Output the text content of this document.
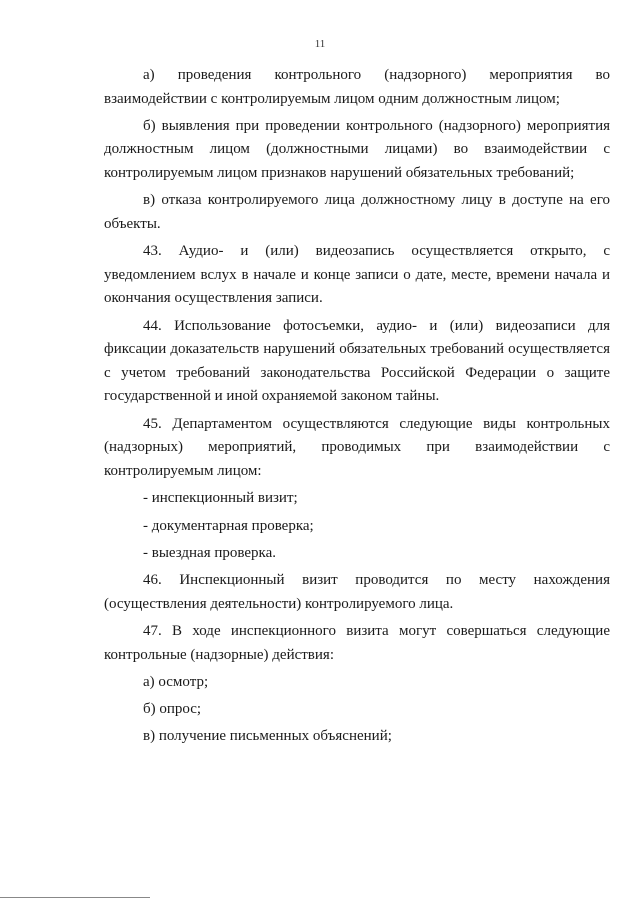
11

а) проведения контрольного (надзорного) мероприятия во взаимодействии с контролируемым лицом одним должностным лицом;

б) выявления при проведении контрольного (надзорного) мероприятия должностным лицом (должностными лицами) во взаимодействии с контролируемым лицом признаков нарушений обязательных требований;

в) отказа контролируемого лица должностному лицу в доступе на его объекты.

43. Аудио- и (или) видеозапись осуществляется открыто, с уведомлением вслух в начале и конце записи о дате, месте, времени начала и окончания осуществления записи.

44. Использование фотосъемки, аудио- и (или) видеозаписи для фиксации доказательств нарушений обязательных требований осуществляется с учетом требований законодательства Российской Федерации о защите государственной и иной охраняемой законом тайны.

45. Департаментом осуществляются следующие виды контрольных (надзорных) мероприятий, проводимых при взаимодействии с контролируемым лицом:

- инспекционный визит;

- документарная проверка;

- выездная проверка.

46. Инспекционный визит проводится по месту нахождения (осуществления деятельности) контролируемого лица.

47. В ходе инспекционного визита могут совершаться следующие контрольные (надзорные) действия:

а) осмотр;

б) опрос;

в) получение письменных объяснений;
